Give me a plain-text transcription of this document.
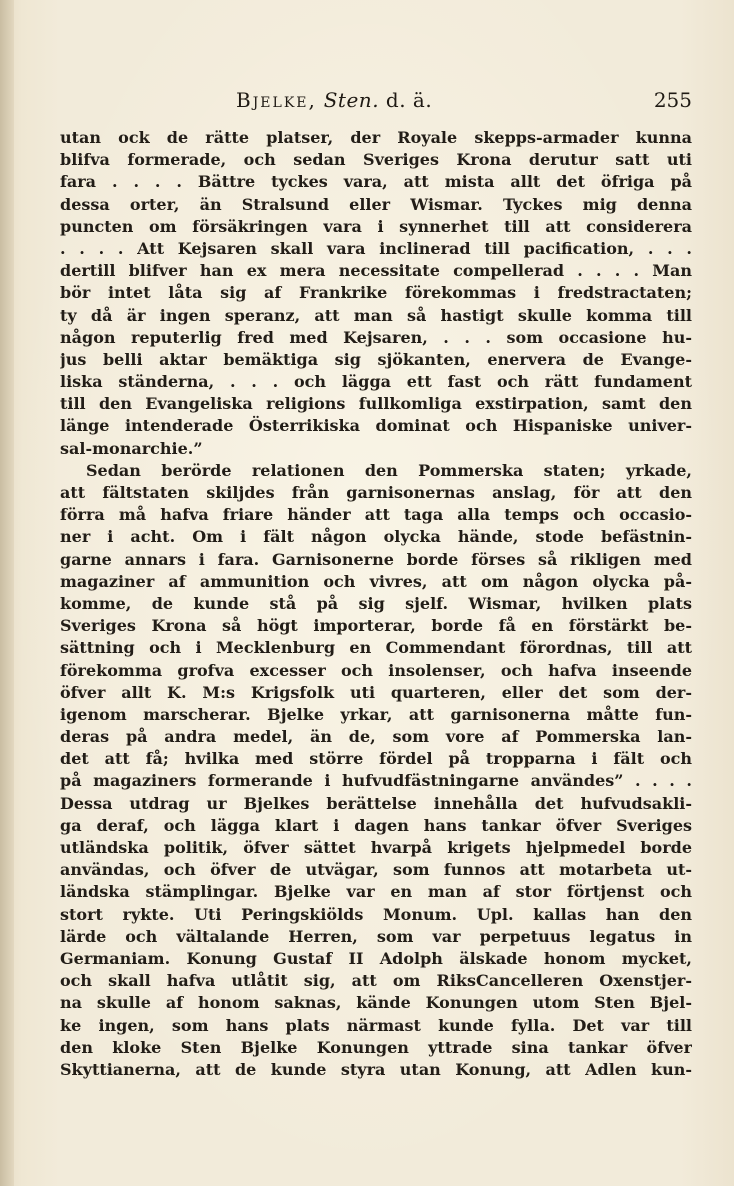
Bjelke, Sten. d. ä.	255
utan ock de rätte platser, der Royale skepps-armader kunna
blifva formerade, och sedan Sveriges Krona derutur satt uti
fara . . . . Bättre tyckes vara, att mista allt det öfriga på
dessa orter, än Stralsund eller Wismar. Tyckes mig denna
puncten om försäkringen vara i synnerhet till att considerera
. . . . Att Kejsaren skall vara inclinerad till pacification, . . .
dertill blifver han ex mera necessitate compellerad . . . . Man
bör intet låta sig af Frankrike förekommas i fredstractaten;
ty då är ingen speranz, att man så hastigt skulle komma till
någon reputerlig fred med Kejsaren, . . . som occasione hu-
jus belli aktar bemäktiga sig sjökanten, enervera de Evange-
liska ständerna, . . . och lägga ett fast och rätt fundament
till den Evangeliska religions fullkomliga exstirpation, samt den
länge intenderade Österrikiska dominat och Hispaniske univer-
sal-monarchie.”
Sedan berörde relationen den Pommerska staten; yrkade,
att fältstaten skiljdes från garnisonernas anslag, för att den
förra må hafva friare händer att taga alla temps och occasio-
ner i acht. Om i fält någon olycka hände, stode befästnin-
garne annars i fara. Garnisonerne borde förses så rikligen med
magaziner af ammunition och vivres, att om någon olycka på-
komme, de kunde stå på sig sjelf. Wismar, hvilken plats
Sveriges Krona så högt importerar, borde få en förstärkt be-
sättning och i Mecklenburg en Commendant förordnas, till att
förekomma grofva excesser och insolenser, och hafva inseende
öfver allt K. M:s Krigsfolk uti quarteren, eller det som der-
igenom marscherar. Bjelke yrkar, att garnisonerna måtte fun-
deras på andra medel, än de, som vore af Pommerska lan-
det att få; hvilka med större fördel på tropparna i fält och
på magaziners formerande i hufvudfästningarne användes” . . . .
Dessa utdrag ur Bjelkes berättelse innehålla det hufvudsakli-
ga deraf, och lägga klart i dagen hans tankar öfver Sveriges
utländska politik, öfver sättet hvarpå krigets hjelpmedel borde
användas, och öfver de utvägar, som funnos att motarbeta ut-
ländska stämplingar. Bjelke var en man af stor förtjenst och
stort rykte. Uti Peringskiölds Monum. Upl. kallas han den
lärde och vältalande Herren, som var perpetuus legatus in
Germaniam. Konung Gustaf II Adolph älskade honom mycket,
och skall hafva utlåtit sig, att om RiksCancelleren Oxenstjer-
na skulle af honom saknas, kände Konungen utom Sten Bjel-
ke ingen, som hans plats närmast kunde fylla. Det var till
den kloke Sten Bjelke Konungen yttrade sina tankar öfver
Skyttianerna, att de kunde styra utan Konung, att Adlen kun-
